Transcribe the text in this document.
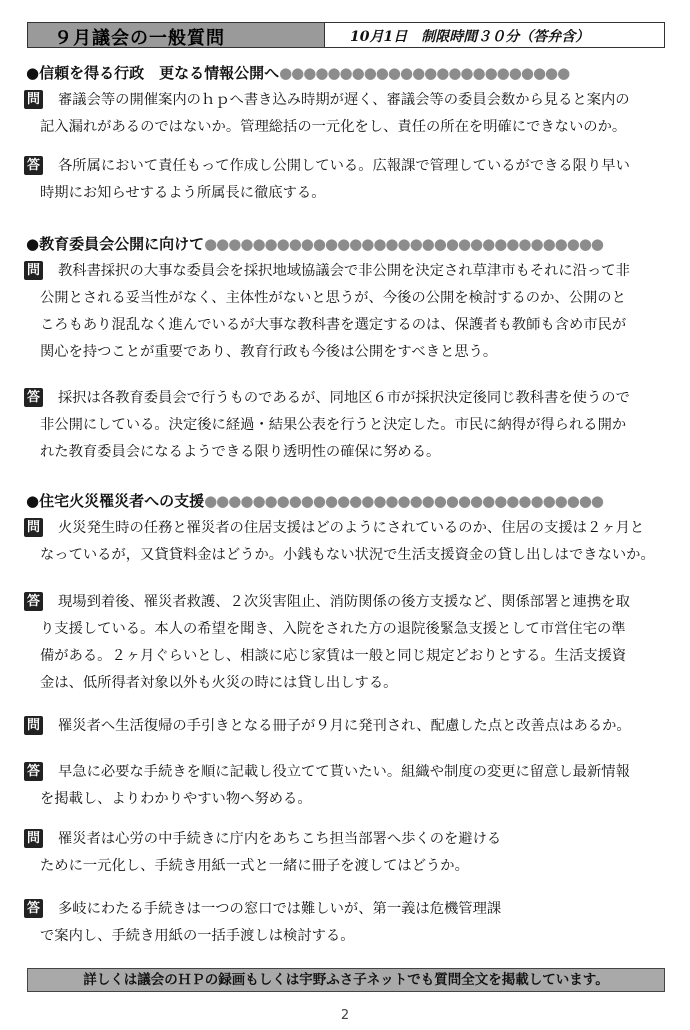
９月議会の一般質問	10月1日　制限時間３０分（答弁含）
●信頼を得る行政　更なる情報公開へ●●●●●●●●●●●●●●●●●●●●●●●●
問 審議会等の開催案内のｈｐへ書き込み時期が遅く、審議会等の委員会数から見ると案内の
記入漏れがあるのではないか。管理総括の一元化をし、責任の所在を明確にできないのか。
答 各所属において責任もって作成し公開している。広報課で管理しているができる限り早い
時期にお知らせするよう所属長に徹底する。
●教育委員会公開に向けて●●●●●●●●●●●●●●●●●●●●●●●●●●●●●●●●●
問 教科書採択の大事な委員会を採択地域協議会で非公開を決定され草津市もそれに沿って非
公開とされる妥当性がなく、主体性がないと思うが、今後の公開を検討するのか、公開のと
ころもあり混乱なく進んでいるが大事な教科書を選定するのは、保護者も教師も含め市民が
関心を持つことが重要であり、教育行政も今後は公開をすべきと思う。
答 採択は各教育委員会で行うものであるが、同地区６市が採択決定後同じ教科書を使うので
非公開にしている。決定後に経過・結果公表を行うと決定した。市民に納得が得られる開か
れた教育委員会になるようできる限り透明性の確保に努める。
●住宅火災罹災者への支援●●●●●●●●●●●●●●●●●●●●●●●●●●●●●●●●●
問 火災発生時の任務と罹災者の住居支援はどのようにされているのか、住居の支援は２ヶ月と
なっているが，又貸貸料金はどうか。小銭もない状況で生活支援資金の貸し出しはできないか。
答 現場到着後、罹災者救護、２次災害阻止、消防関係の後方支援など、関係部署と連携を取
り支援している。本人の希望を聞き、入院をされた方の退院後緊急支援として市営住宅の準
備がある。２ヶ月ぐらいとし、相談に応じ家賃は一般と同じ規定どおりとする。生活支援資
金は、低所得者対象以外も火災の時には貸し出しする。
問 罹災者へ生活復帰の手引きとなる冊子が９月に発刊され、配慮した点と改善点はあるか。
答 早急に必要な手続きを順に記載し役立てて貰いたい。組織や制度の変更に留意し最新情報
を掲載し、よりわかりやすい物へ努める。
問 罹災者は心労の中手続きに庁内をあちこち担当部署へ歩くのを避ける
ために一元化し、手続き用紙一式と一緒に冊子を渡してはどうか。
答 多岐にわたる手続きは一つの窓口では難しいが、第一義は危機管理課
で案内し、手続き用紙の一括手渡しは検討する。
詳しくは議会のＨＰの録画もしくは宇野ふさ子ネットでも質問全文を掲載しています。
2
